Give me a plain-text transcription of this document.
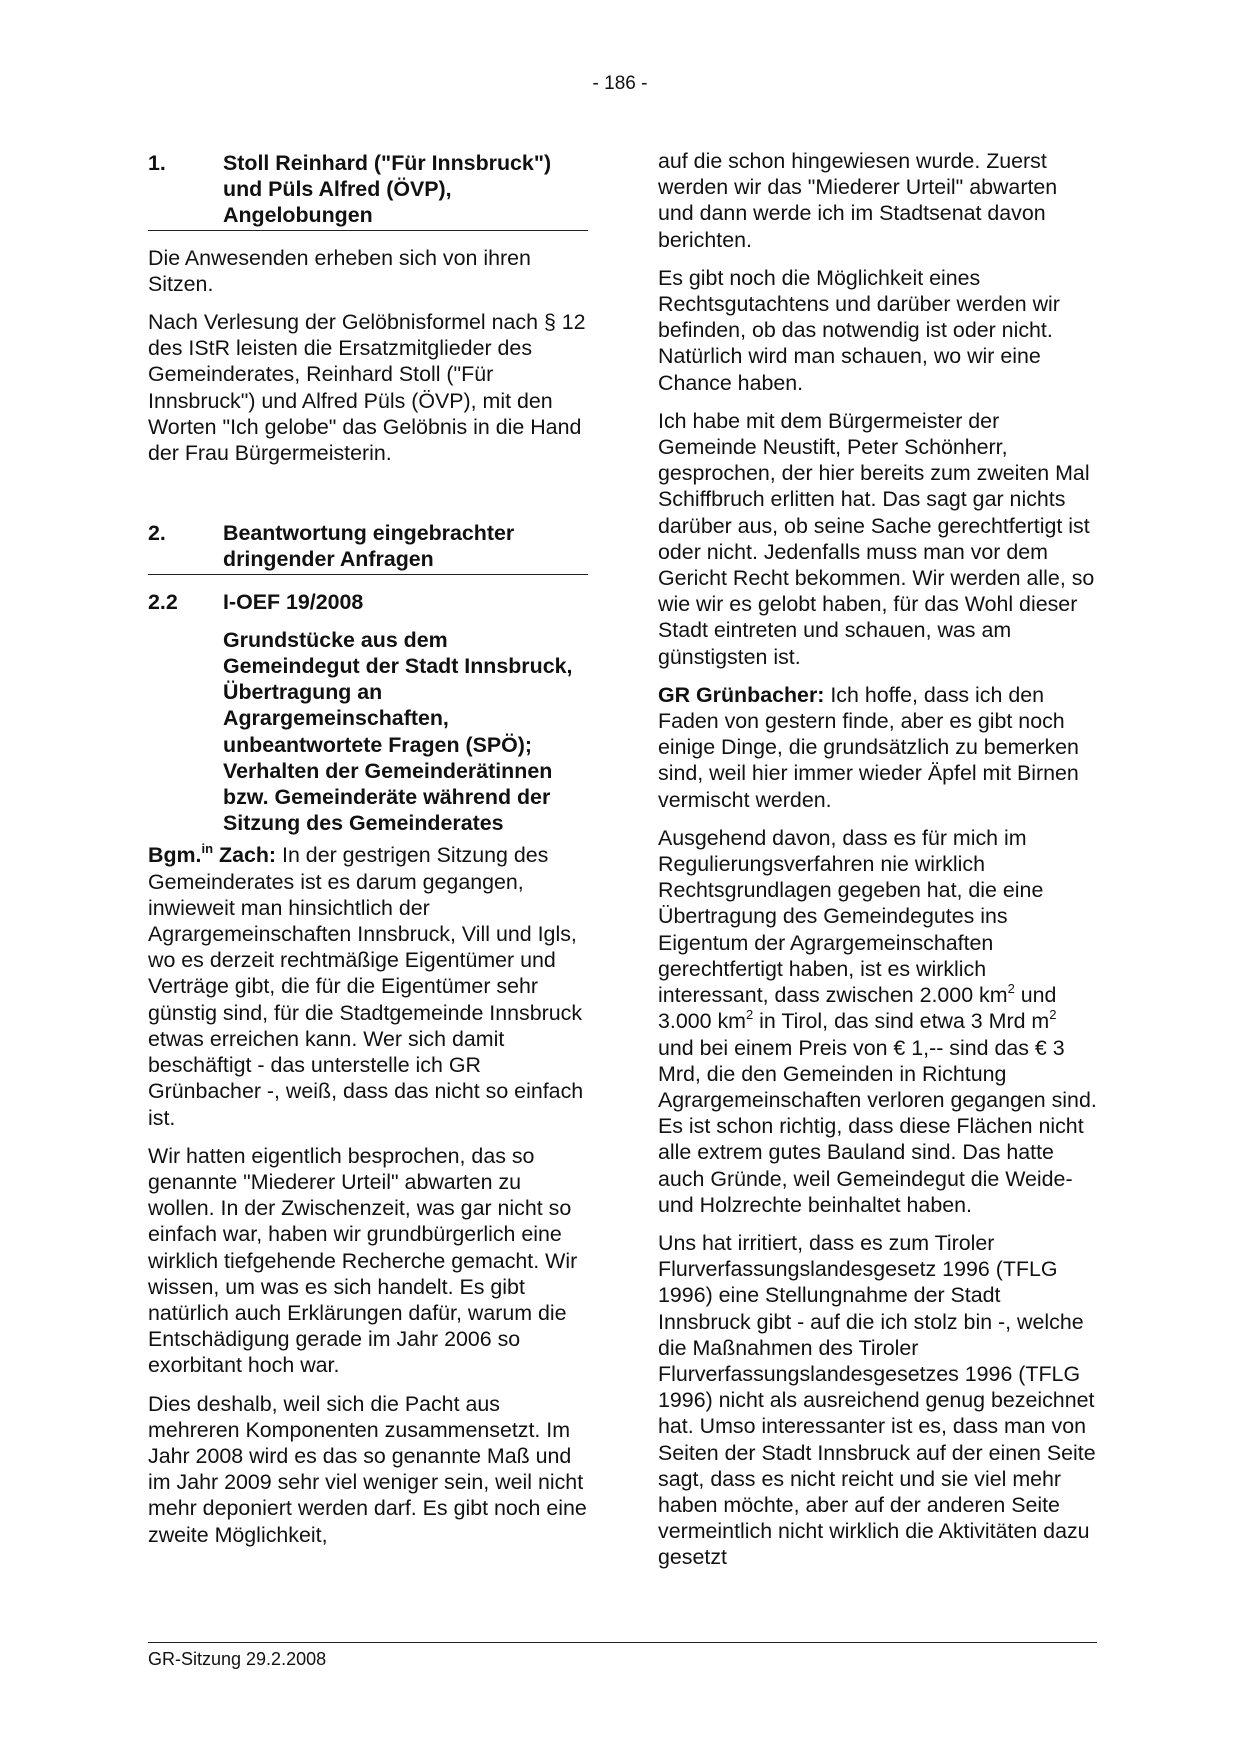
- 186 -
1.	Stoll Reinhard ("Für Innsbruck") und Püls Alfred (ÖVP), Angelobungen

Die Anwesenden erheben sich von ihren Sitzen.

Nach Verlesung der Gelöbnisformel nach § 12 des IStR leisten die Ersatzmitglieder des Gemeinderates, Reinhard Stoll ("Für Innsbruck") und Alfred Püls (ÖVP), mit den Worten "Ich gelobe" das Gelöbnis in die Hand der Frau Bürgermeisterin.

2.	Beantwortung eingebrachter dringender Anfragen
2.2	I-OEF 19/2008
Grundstücke aus dem Gemeindegut der Stadt Innsbruck, Übertragung an Agrargemeinschaften, unbeantwortete Fragen (SPÖ);
Verhalten der Gemeinderätinnen bzw. Gemeinderäte während der Sitzung des Gemeinderates

Bgm.$^{in}$ Zach: In der gestrigen Sitzung des Gemeinderates ist es darum gegangen, inwieweit man hinsichtlich der Agrargemeinschaften Innsbruck, Vill und Igls, wo es derzeit rechtmäßige Eigentümer und Verträge gibt, die für die Eigentümer sehr günstig sind, für die Stadtgemeinde Innsbruck etwas erreichen kann. Wer sich damit beschäftigt - das unterstelle ich GR Grünbacher -, weiß, dass das nicht so einfach ist.

Wir hatten eigentlich besprochen, das so genannte "Miederer Urteil" abwarten zu wollen. In der Zwischenzeit, was gar nicht so einfach war, haben wir grundbürgerlich eine wirklich tiefgehende Recherche gemacht. Wir wissen, um was es sich handelt. Es gibt natürlich auch Erklärungen dafür, warum die Entschädigung gerade im Jahr 2006 so exorbitant hoch war.

Dies deshalb, weil sich die Pacht aus mehreren Komponenten zusammensetzt. Im Jahr 2008 wird es das so genannte Maß und im Jahr 2009 sehr viel weniger sein, weil nicht mehr deponiert werden darf. Es gibt noch eine zweite Möglichkeit,

auf die schon hingewiesen wurde. Zuerst werden wir das "Miederer Urteil" abwarten und dann werde ich im Stadtsenat davon berichten.

Es gibt noch die Möglichkeit eines Rechtsgutachtens und darüber werden wir befinden, ob das notwendig ist oder nicht. Natürlich wird man schauen, wo wir eine Chance haben.

Ich habe mit dem Bürgermeister der Gemeinde Neustift, Peter Schönherr, gesprochen, der hier bereits zum zweiten Mal Schiffbruch erlitten hat. Das sagt gar nichts darüber aus, ob seine Sache gerechtfertigt ist oder nicht. Jedenfalls muss man vor dem Gericht Recht bekommen. Wir werden alle, so wie wir es gelobt haben, für das Wohl dieser Stadt eintreten und schauen, was am günstigsten ist.

GR Grünbacher: Ich hoffe, dass ich den Faden von gestern finde, aber es gibt noch einige Dinge, die grundsätzlich zu bemerken sind, weil hier immer wieder Äpfel mit Birnen vermischt werden.

Ausgehend davon, dass es für mich im Regulierungsverfahren nie wirklich Rechtsgrundlagen gegeben hat, die eine Übertragung des Gemeindegutes ins Eigentum der Agrargemeinschaften gerechtfertigt haben, ist es wirklich interessant, dass zwischen 2.000 $km^2$ und 3.000 $km^2$ in Tirol, das sind etwa 3 Mrd $m^2$ und bei einem Preis von € 1,-- sind das € 3 Mrd, die den Gemeinden in Richtung Agrargemeinschaften verloren gegangen sind. Es ist schon richtig, dass diese Flächen nicht alle extrem gutes Bauland sind. Das hatte auch Gründe, weil Gemeindegut die Weide- und Holzrechte beinhaltet haben.

Uns hat irritiert, dass es zum Tiroler Flurverfassungslandesgesetz 1996 (TFLG 1996) eine Stellungnahme der Stadt Innsbruck gibt - auf die ich stolz bin -, welche die Maßnahmen des Tiroler Flurverfassungslandesgesetzes 1996 (TFLG 1996) nicht als ausreichend genug bezeichnet hat. Umso interessanter ist es, dass man von Seiten der Stadt Innsbruck auf der einen Seite sagt, dass es nicht reicht und sie viel mehr haben möchte, aber auf der anderen Seite vermeintlich nicht wirklich die Aktivitäten dazu gesetzt

GR-Sitzung 29.2.2008
